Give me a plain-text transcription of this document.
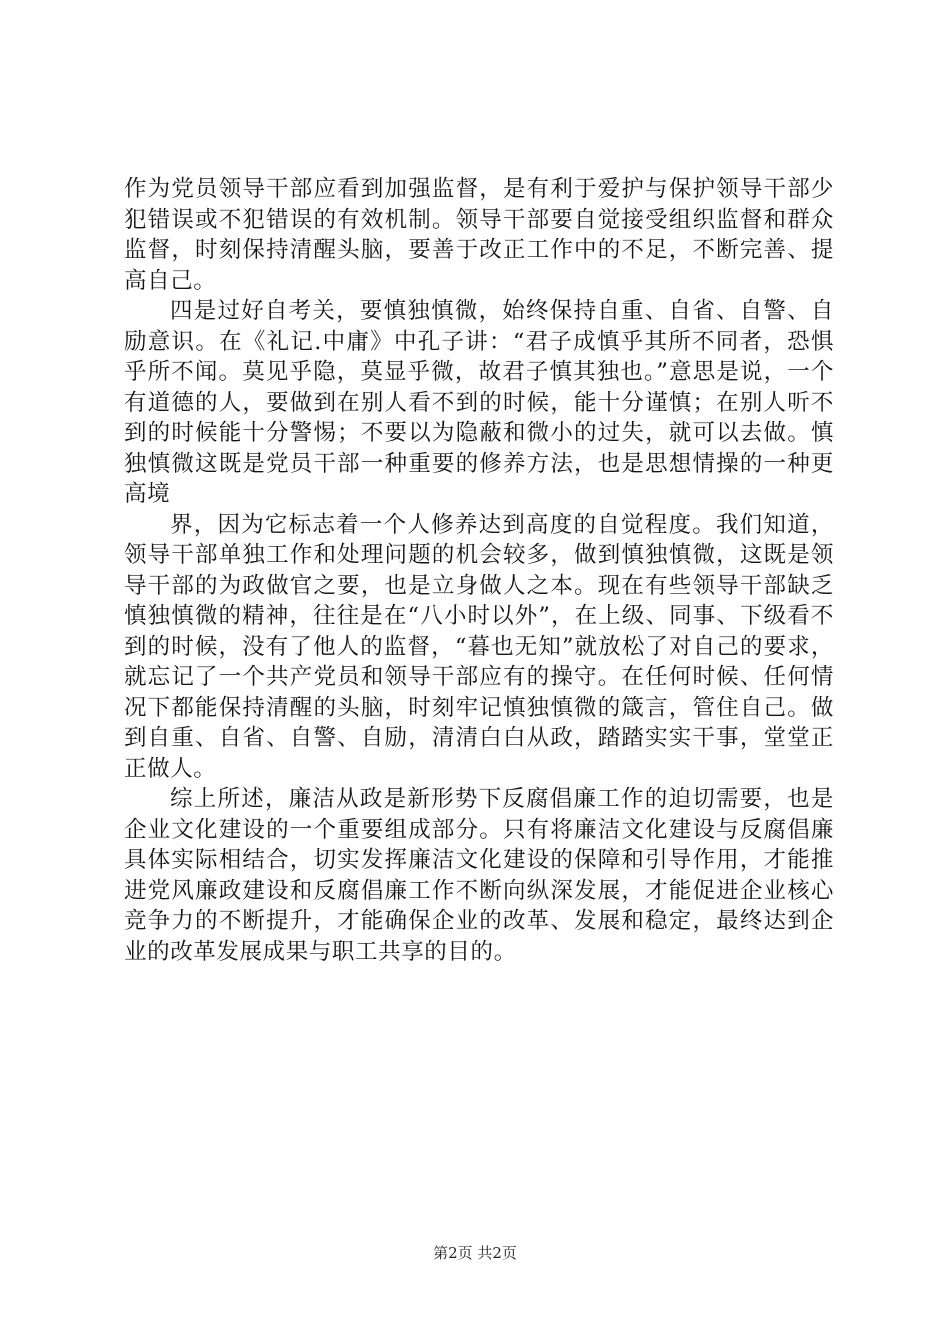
作为党员领导干部应看到加强监督，是有利于爱护与保护领导干部少犯错误或不犯错误的有效机制。领导干部要自觉接受组织监督和群众监督，时刻保持清醒头脑，要善于改正工作中的不足，不断完善、提高自己。

四是过好自考关，要慎独慎微，始终保持自重、自省、自警、自励意识。在《礼记.中庸》中孔子讲：“君子成慎乎其所不同者，恐惧乎所不闻。莫见乎隐，莫显乎微，故君子慎其独也。”意思是说，一个有道德的人，要做到在别人看不到的时候，能十分谨慎；在别人听不到的时候能十分警惕；不要以为隐蔽和微小的过失，就可以去做。慎独慎微这既是党员干部一种重要的修养方法，也是思想情操的一种更高境

界，因为它标志着一个人修养达到高度的自觉程度。我们知道，领导干部单独工作和处理问题的机会较多，做到慎独慎微，这既是领导干部的为政做官之要，也是立身做人之本。现在有些领导干部缺乏慎独慎微的精神，往往是在“八小时以外”，在上级、同事、下级看不到的时候，没有了他人的监督，“暮也无知”就放松了对自己的要求，就忘记了一个共产党员和领导干部应有的操守。在任何时候、任何情况下都能保持清醒的头脑，时刻牢记慎独慎微的箴言，管住自己。做到自重、自省、自警、自励，清清白白从政，踏踏实实干事，堂堂正正做人。

综上所述，廉洁从政是新形势下反腐倡廉工作的迫切需要，也是企业文化建设的一个重要组成部分。只有将廉洁文化建设与反腐倡廉具体实际相结合，切实发挥廉洁文化建设的保障和引导作用，才能推进党风廉政建设和反腐倡廉工作不断向纵深发展，才能促进企业核心竞争力的不断提升，才能确保企业的改革、发展和稳定，最终达到企业的改革发展成果与职工共享的目的。

第2页 共2页
